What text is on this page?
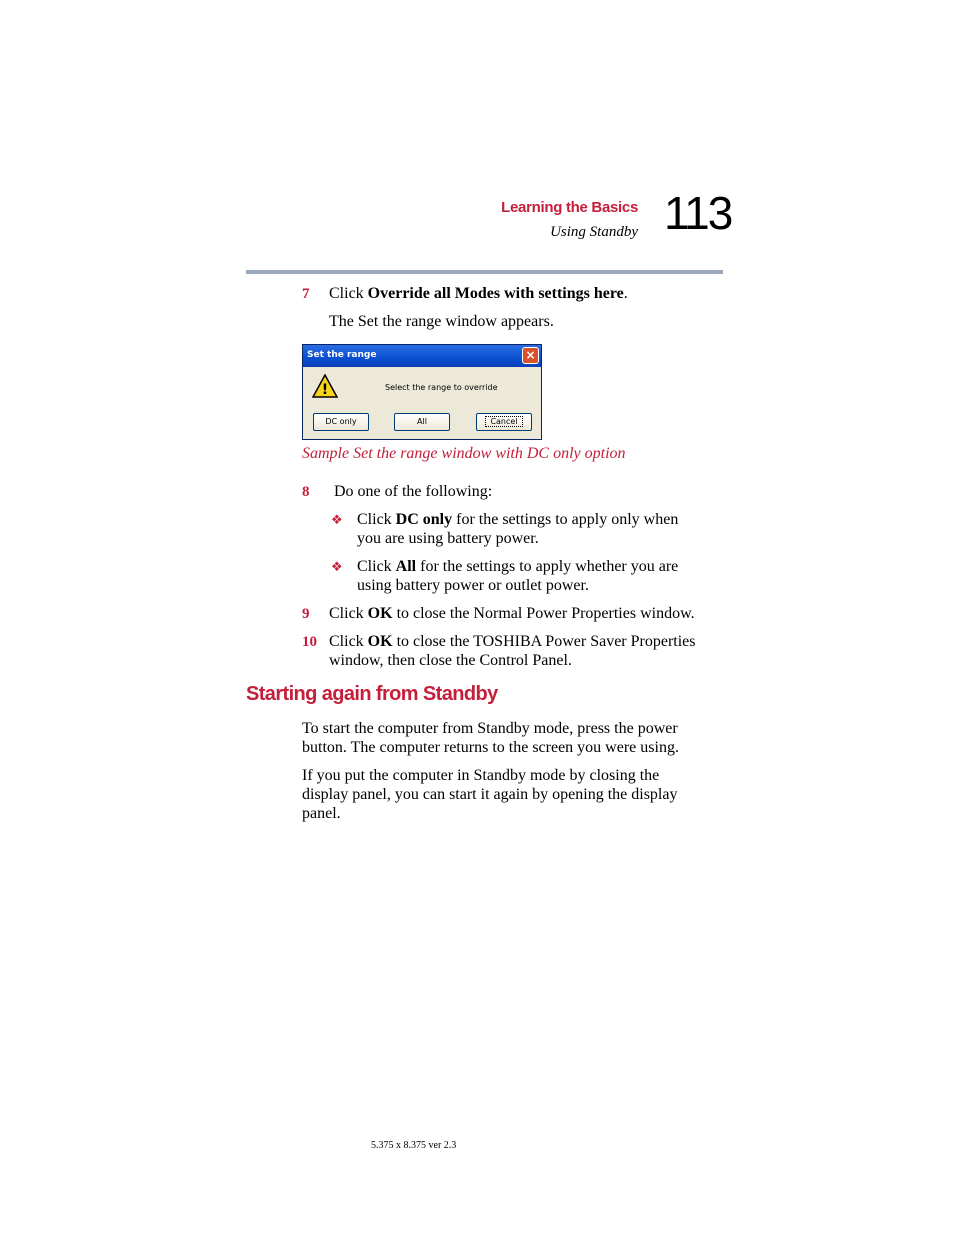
Learning the Basics
Using Standby 113
7 Click Override all Modes with settings here.
The Set the range window appears.
Set the range	×
!	Select the range to override
DC only	All	Cancel
Sample Set the range window with DC only option
8 Do one of the following:
❖ Click DC only for the settings to apply only when
you are using battery power.
❖ Click All for the settings to apply whether you are
using battery power or outlet power.
9 Click OK to close the Normal Power Properties window.
10 Click OK to close the TOSHIBA Power Saver Properties
window, then close the Control Panel.
Starting again from Standby
To start the computer from Standby mode, press the power
button. The computer returns to the screen you were using.
If you put the computer in Standby mode by closing the
display panel, you can start it again by opening the display
panel.
5.375 x 8.375 ver 2.3
